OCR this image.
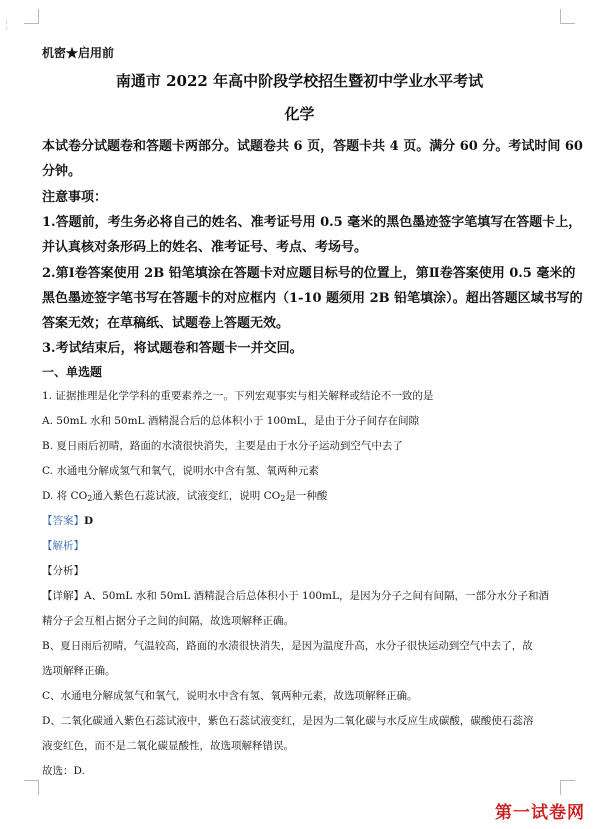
⁞
⁞
机密★启用前
南通市 2022 年高中阶段学校招生暨初中学业水平考试
化学
本试卷分试题卷和答题卡两部分。试题卷共 6 页，答题卡共 4 页。满分 60 分。考试时间 60
分钟。
注意事项：
1.答题前，考生务必将自己的姓名、准考证号用 0.5 毫米的黑色墨迹签字笔填写在答题卡上，
并认真核对条形码上的姓名、准考证号、考点、考场号。
2.第Ⅰ卷答案使用 2B 铅笔填涂在答题卡对应题目标号的位置上，第Ⅱ卷答案使用 0.5 毫米的
黑色墨迹签字笔书写在答题卡的对应框内（1-10 题须用 2B 铅笔填涂）。超出答题区域书写的
答案无效；在草稿纸、试题卷上答题无效。
3.考试结束后，将试题卷和答题卡一并交回。
一、单选题
1. 证据推理是化学学科的重要素养之一。下列宏观事实与相关解释或结论不一致的是
A. 50mL 水和 50mL 酒精混合后的总体积小于 100mL，是由于分子间存在间隙
B. 夏日雨后初晴，路面的水渍很快消失，主要是由于水分子运动到空气中去了
C. 水通电分解成氢气和氧气，说明水中含有氢、氧两种元素
D. 将 $CO_2$通入紫色石蕊试液，试液变红，说明 $CO_2$是一种酸
【答案】D
【解析】
【分析】
【详解】A、50mL 水和 50mL 酒精混合后总体积小于 100mL，是因为分子之间有间隔，一部分水分子和酒
精分子会互相占据分子之间的间隔，故选项解释正确。
B、夏日雨后初晴，气温较高，路面的水渍很快消失，是因为温度升高，水分子很快运动到空气中去了，故
选项解释正确。
C、水通电分解成氢气和氧气，说明水中含有氢、氧两种元素，故选项解释正确。
D、二氧化碳通入紫色石蕊试液中，紫色石蕊试液变红，是因为二氧化碳与水反应生成碳酸，碳酸使石蕊溶
液变红色，而不是二氧化碳显酸性，故选项解释错误。
故选：D.
第一试卷网
